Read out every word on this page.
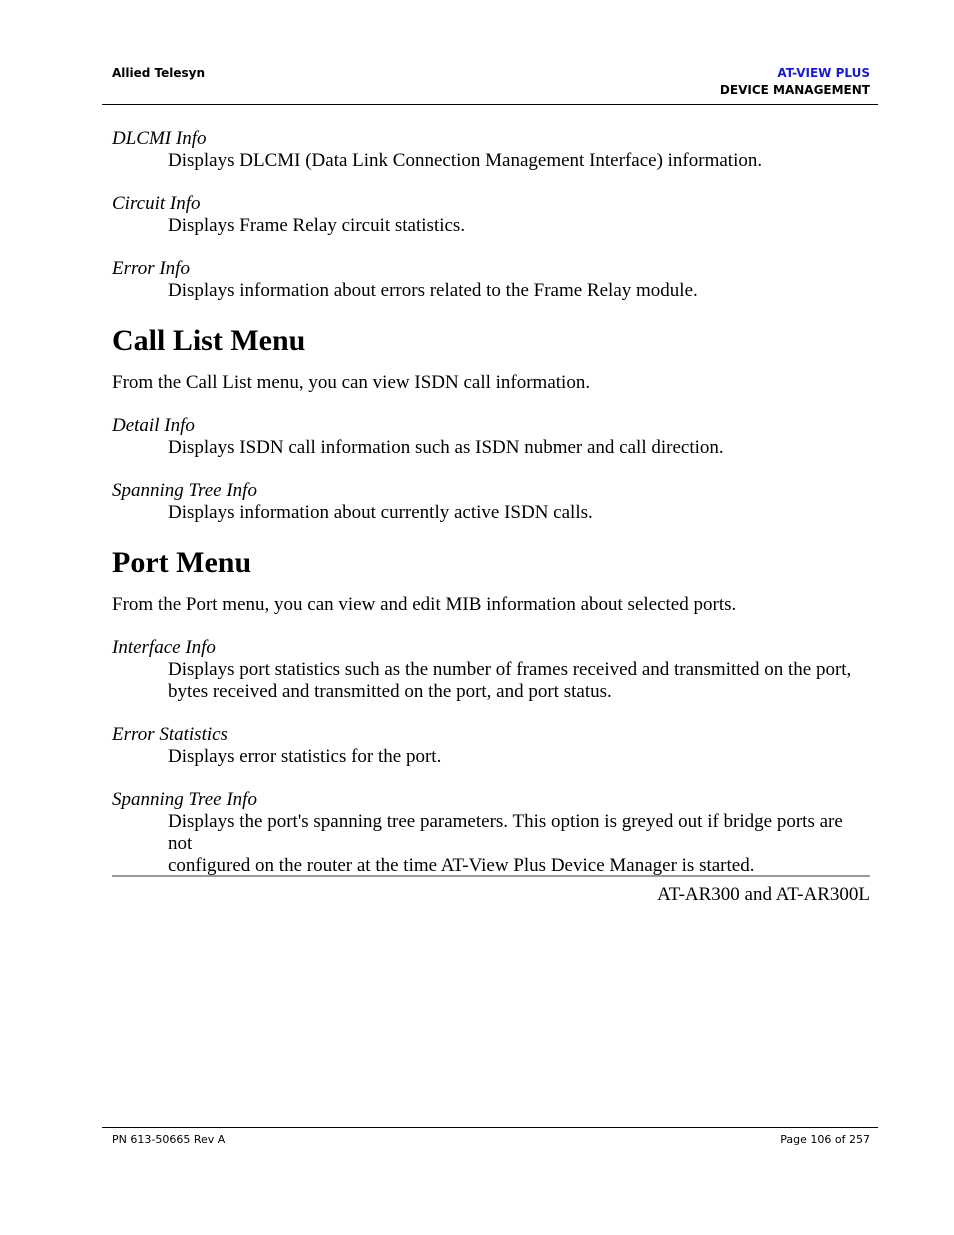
Allied Telesyn	AT-VIEW PLUS
DEVICE MANAGEMENT

DLCMI Info

Displays DLCMI (Data Link Connection Management Interface) information.

Circuit Info

Displays Frame Relay circuit statistics.

Error Info

Displays information about errors related to the Frame Relay module.

Call List Menu

From the Call List menu, you can view ISDN call information.

Detail Info

Displays ISDN call information such as ISDN nubmer and call direction.

Spanning Tree Info

Displays information about currently active ISDN calls.

Port Menu

From the Port menu, you can view and edit MIB information about selected ports.

Interface Info

Displays port statistics such as the number of frames received and transmitted on the port,

bytes received and transmitted on the port, and port status.

Error Statistics

Displays error statistics for the port.

Spanning Tree Info

Displays the port's spanning tree parameters. This option is greyed out if bridge ports are not

configured on the router at the time AT-View Plus Device Manager is started.

AT-AR300 and AT-AR300L
PN 613-50665 Rev A	Page 106 of 257
